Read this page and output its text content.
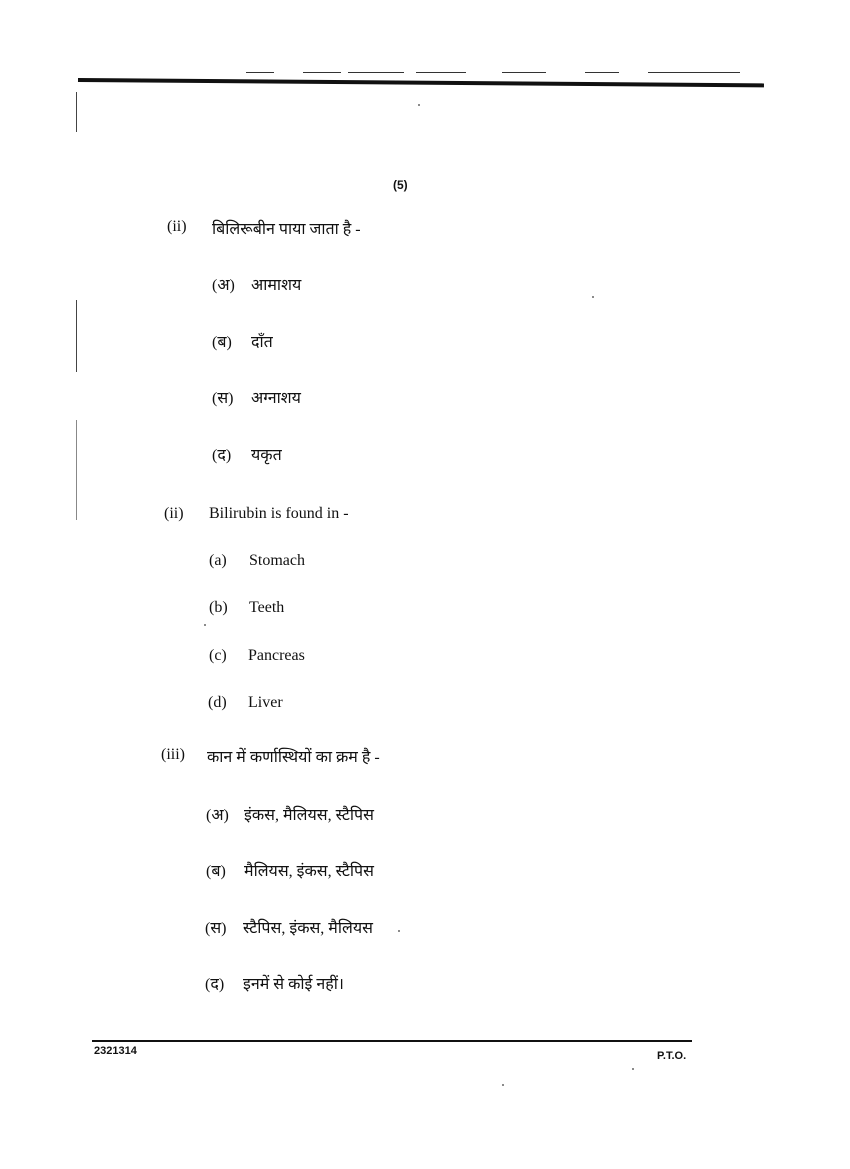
(5)
(ii) बिलिरूबीन पाया जाता है -
(अ) आमाशय
(ब) दाँत
(स) अग्नाशय
(द) यकृत
(ii) Bilirubin is found in -
(a) Stomach
(b) Teeth
(c) Pancreas
(d) Liver
(iii) कान में कर्णास्थियों का क्रम है -
(अ) इंकस, मैलियस, स्टैपिस
(ब) मैलियस, इंकस, स्टैपिस
(स) स्टैपिस, इंकस, मैलियस
(द) इनमें से कोई नहीं।
2321314	P.T.O.
